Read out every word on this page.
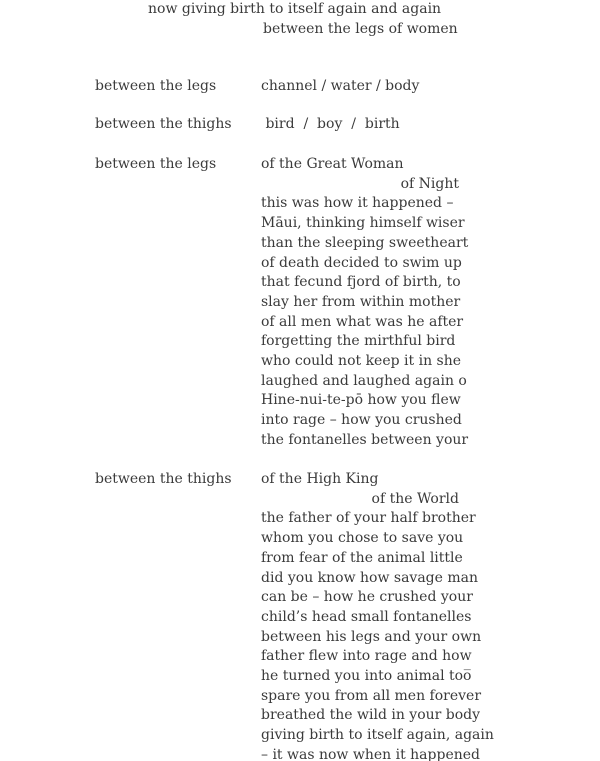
now giving birth to itself again and again
between the legs of women
between the legs	channel / water / body
between the thighs bird  /  boy  /  birth
between the legs	of the Great Woman
of Night
this was how it happened –
Māui, thinking himself wiser
than the sleeping sweetheart
of death decided to swim up
that fecund fjord of birth, to
slay her from within mother
of all men what was he after
forgetting the mirthful bird
who could not keep it in she
laughed and laughed again o
Hine-nui-te-pō how you flew
into rage – how you crushed
the fontanelles between your
between the thighs of the High King
of the World
the father of your half brother
whom you chose to save you
from fear of the animal little
did you know how savage man
can be – how he crushed your
child’s head small fontanelles
between his legs and your own
father flew into rage and how
he turned you into animal too̅
spare you from all men forever
breathed the wild in your body
giving birth to itself again, again
– it was now when it happened
